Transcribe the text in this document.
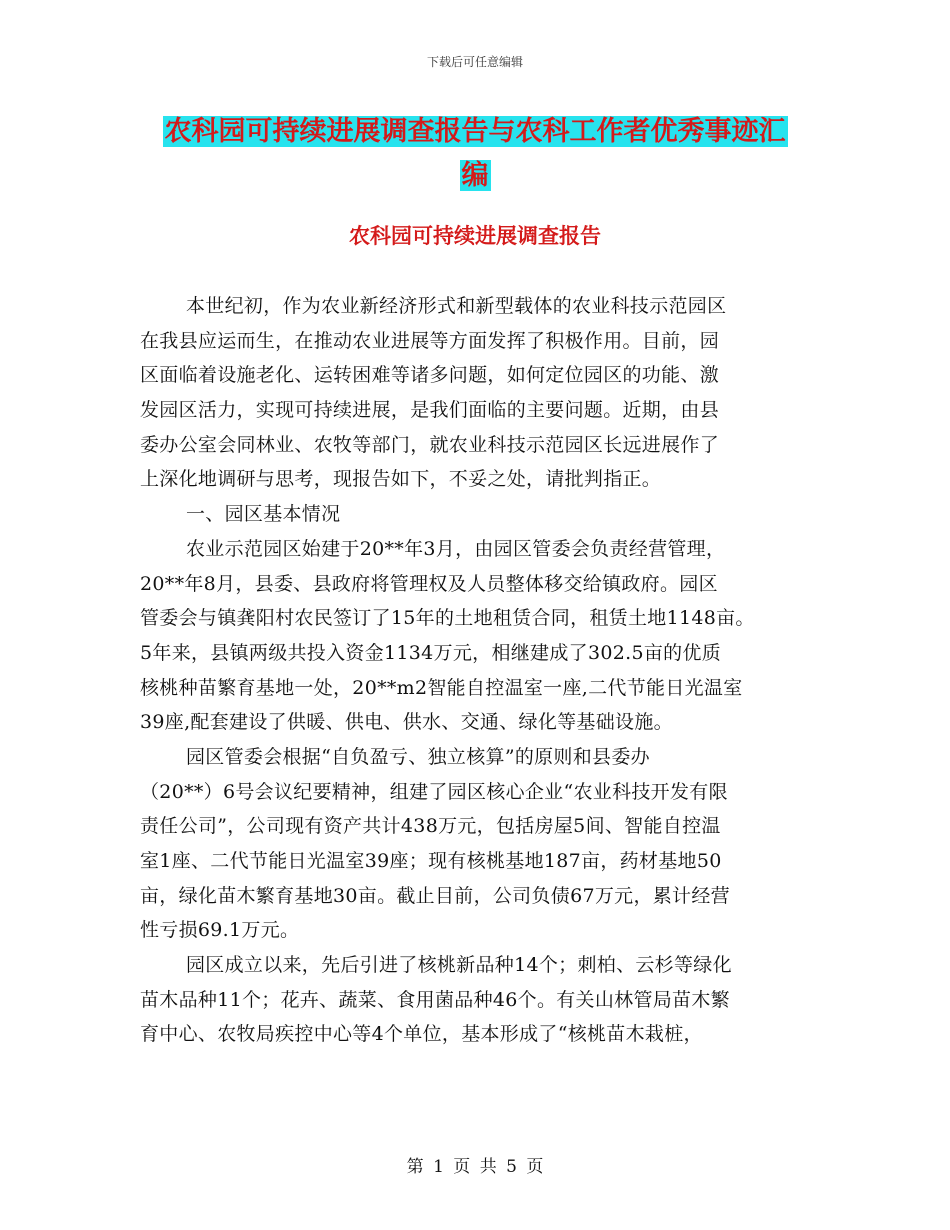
下载后可任意编辑
农科园可持续进展调查报告与农科工作者优秀事迹汇
编
农科园可持续进展调查报告
本世纪初，作为农业新经济形式和新型载体的农业科技示范园区
在我县应运而生，在推动农业进展等方面发挥了积极作用。目前，园
区面临着设施老化、运转困难等诸多问题，如何定位园区的功能、激
发园区活力，实现可持续进展，是我们面临的主要问题。近期，由县
委办公室会同林业、农牧等部门，就农业科技示范园区长远进展作了
上深化地调研与思考，现报告如下，不妥之处，请批判指正。
一、园区基本情况
农业示范园区始建于20**年3月，由园区管委会负责经营管理，
20**年8月，县委、县政府将管理权及人员整体移交给镇政府。园区
管委会与镇龚阳村农民签订了15年的土地租赁合同，租赁土地1148亩。
5年来，县镇两级共投入资金1134万元，相继建成了302.5亩的优质
核桃种苗繁育基地一处，20**m2智能自控温室一座,二代节能日光温室
39座,配套建设了供暖、供电、供水、交通、绿化等基础设施。
园区管委会根据“自负盈亏、独立核算”的原则和县委办
（20**）6号会议纪要精神，组建了园区核心企业“农业科技开发有限
责任公司”，公司现有资产共计438万元，包括房屋5间、智能自控温
室1座、二代节能日光温室39座；现有核桃基地187亩，药材基地50
亩，绿化苗木繁育基地30亩。截止目前，公司负债67万元，累计经营
性亏损69.1万元。
园区成立以来，先后引进了核桃新品种14个；刺柏、云杉等绿化
苗木品种11个；花卉、蔬菜、食用菌品种46个。有关山林管局苗木繁
育中心、农牧局疾控中心等4个单位，基本形成了“核桃苗木栽桩，
第 1 页 共 5 页
